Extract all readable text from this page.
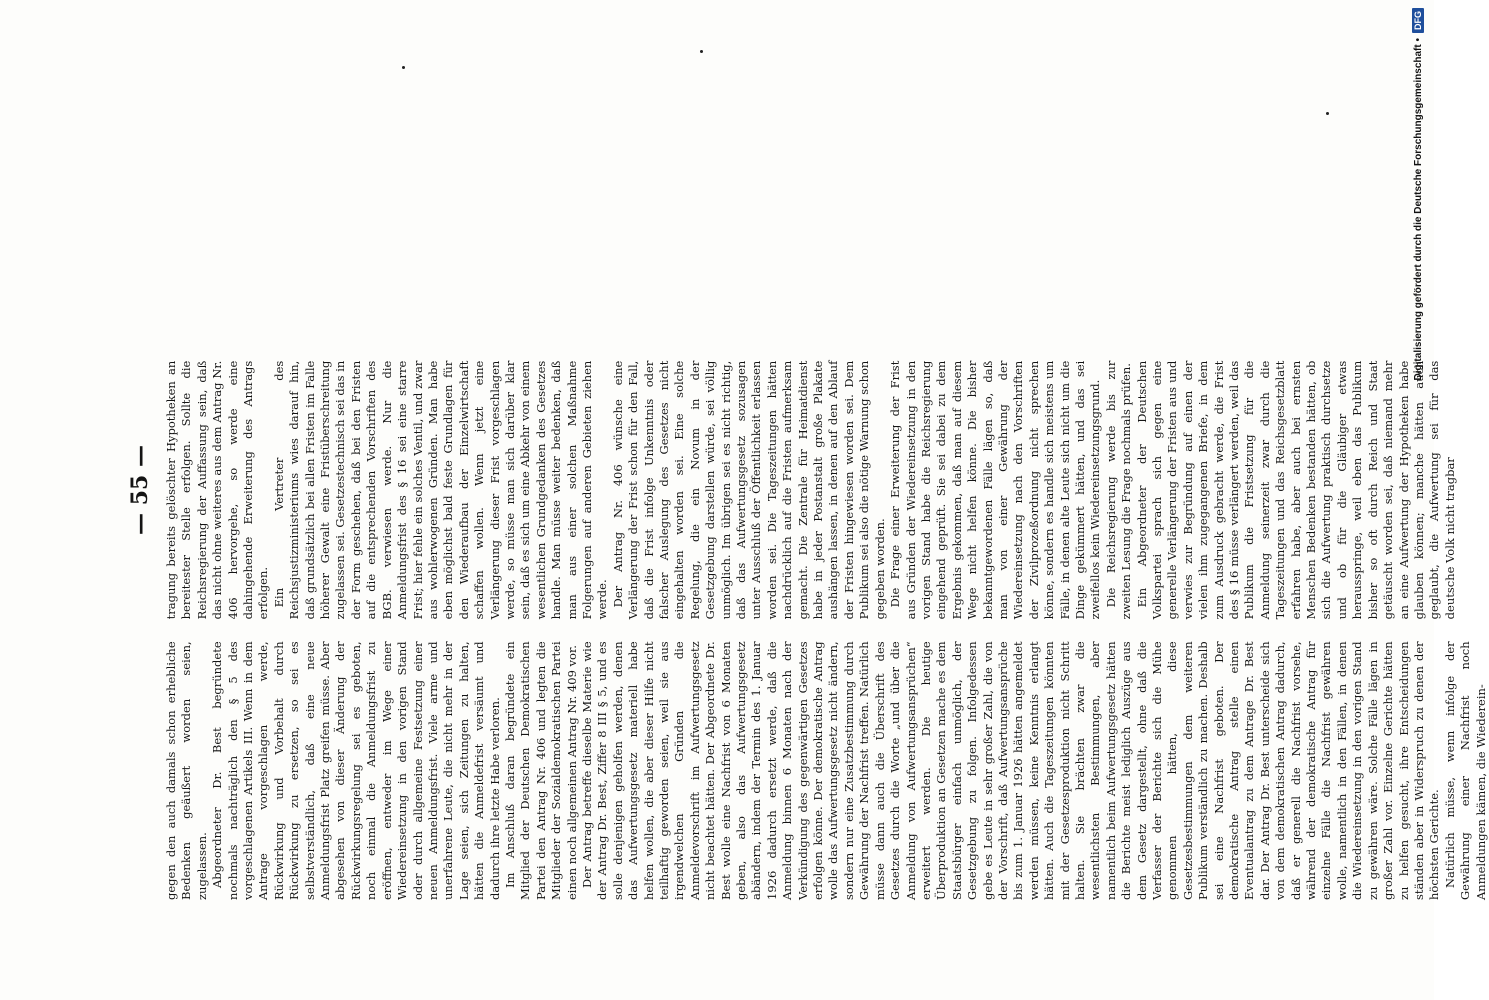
— 55 —

gegen den auch damals schon erhebliche Bedenken geäußert worden seien, zugelassen. Abgeordneter Dr. Best begründete nochmals nachträglich den § 5 des vorgeschlagenen Artikels III. Wenn in dem Antrage vorgeschlagen werde, Rückwirkung und Vorbehalt durch Rückwirkung zu ersetzen, so sei es selbstverständlich, daß eine neue Anmeldungsfrist Platz greifen müsse. Aber abgesehen von dieser Änderung der Rückwirkungsregelung sei es geboten, noch einmal die Anmeldungsfrist zu eröffnen, entweder im Wege einer Wiedereinsetzung in den vorigen Stand oder durch allgemeine Festsetzung einer neuen Anmeldungsfrist. Viele arme und unerfahrene Leute, die nicht mehr in der Lage seien, sich Zeitungen zu halten, hätten die Anmeldefrist versäumt und dadurch ihre letzte Habe verloren. Im Anschluß daran begründete ein Mitglied der Deutschen Demokratischen Partei den Antrag Nr. 406 und legten die Mitglieder der Sozialdemokratischen Partei einen noch allgemeinen Antrag Nr. 409 vor. Der Antrag betreffe dieselbe Materie wie der Antrag Dr. Best, Ziffer 8 III § 5, und es solle denjenigen geholfen werden, denen das Aufwertungsgesetz materiell habe helfen wollen, die aber dieser Hilfe nicht teilhaftig geworden seien, weil sie aus irgendwelchen Gründen die Anmeldevorschrift im Aufwertungsgesetz nicht beachtet hätten. Der Abgeordnete Dr. Best wolle eine Nachfrist von 6 Monaten geben, also das Aufwertungsgesetz abändern, indem der Termin des 1. Januar 1926 dadurch ersetzt werde, daß die Anmeldung binnen 6 Monaten nach der Verkündigung des gegenwärtigen Gesetzes erfolgen könne. Der demokratische Antrag wolle das Aufwertungsgesetz nicht ändern, sondern nur eine Zusatzbestimmung durch Gewährung der Nachfrist treffen. Natürlich müsse dann auch die Überschrift des Gesetzes durch die Worte „und über die Anmeldung von Aufwertungsansprüchen“ erweitert werden. Die heutige Überproduktion an Gesetzen mache es dem Staatsbürger einfach unmöglich, der Gesetzgebung zu folgen. Infolgedessen gebe es Leute in sehr großer Zahl, die von der Vorschrift, daß Aufwertungsansprüche bis zum 1. Januar 1926 hätten angemeldet werden müssen, keine Kenntnis erlangt hätten. Auch die Tageszeitungen könnten mit der Gesetzesproduktion nicht Schritt halten. Sie brächten zwar die wesentlichsten Bestimmungen, aber namentlich beim Aufwertungsgesetz hätten die Berichte meist lediglich Auszüge aus dem Gesetz dargestellt, ohne daß die Verfasser der Berichte sich die Mühe genommen hätten, diese Gesetzesbestimmungen dem weiteren Publikum verständlich zu machen. Deshalb sei eine Nachfrist geboten. Der demokratische Antrag stelle einen Eventualantrag zu dem Antrage Dr. Best dar. Der Antrag Dr. Best unterscheide sich von dem demokratischen Antrag dadurch, daß er generell die Nachfrist vorsehe, während der demokratische Antrag für einzelne Fälle die Nachfrist gewähren wolle, namentlich in den Fällen, in denen die Wiedereinsetzung in den vorigen Stand zu gewähren wäre. Solche Fälle lägen in großer Zahl vor. Einzelne Gerichte hätten zu helfen gesucht, ihre Entscheidungen ständen aber in Widerspruch zu denen der höchsten Gerichte. Natürlich müsse, wenn infolge der Gewährung einer Nachfrist noch Anmeldungen kämen, die Wiederein-

tragung bereits gelöschter Hypotheken an bereitester Stelle erfolgen. Sollte die Reichsregierung der Auffassung sein, daß das nicht ohne weiteres aus dem Antrag Nr. 406 hervorgehe, so werde eine dahingehende Erweiterung des Antrags erfolgen. Ein Vertreter des Reichsjustizministeriums wies darauf hin, daß grundsätzlich bei allen Fristen im Falle höherer Gewalt eine Fristüberschreitung zugelassen sei. Gesetzestechnisch sei das in der Form geschehen, daß bei den Fristen auf die entsprechenden Vorschriften des BGB. verwiesen werde. Nur die Anmeldungsfrist des § 16 sei eine starre Frist; hier fehle ein solches Ventil, und zwar aus wohlerwogenen Gründen. Man habe eben möglichst bald feste Grundlagen für den Wiederaufbau der Einzelwirtschaft schaffen wollen. Wenn jetzt eine Verlängerung dieser Frist vorgeschlagen werde, so müsse man sich darüber klar sein, daß es sich um eine Abkehr von einem wesentlichen Grundgedanken des Gesetzes handle. Man müsse weiter bedenken, daß man aus einer solchen Maßnahme Folgerungen auf anderen Gebieten ziehen werde. Der Antrag Nr. 406 wünsche eine Verlängerung der Frist schon für den Fall, daß die Frist infolge Unkenntnis oder falscher Auslegung des Gesetzes nicht eingehalten worden sei. Eine solche Regelung, die ein Novum in der Gesetzgebung darstellen würde, sei völlig unmöglich. Im übrigen sei es nicht richtig, daß das Aufwertungsgesetz sozusagen unter Ausschluß der Öffentlichkeit erlassen worden sei. Die Tageszeitungen hätten nachdrücklich auf die Fristen aufmerksam gemacht. Die Zentrale für Heimatdienst habe in jeder Postanstalt große Plakate aushängen lassen, in denen auf den Ablauf der Fristen hingewiesen worden sei. Dem Publikum sei also die nötige Warnung schon gegeben worden. Die Frage einer Erweiterung der Frist aus Gründen der Wiedereinsetzung in den vorigen Stand habe die Reichsregierung eingehend geprüft. Sie sei dabei zu dem Ergebnis gekommen, daß man auf diesem Wege nicht helfen könne. Die bisher bekanntgewordenen Fälle lägen so, daß man von einer Gewährung der Wiedereinsetzung nach den Vorschriften der Zivilprozeßordnung nicht sprechen könne, sondern es handle sich meistens um Fälle, in denen alte Leute sich nicht um die Dinge gekümmert hätten, und das sei zweifellos kein Wiedereinsetzungsgrund. Die Reichsregierung werde bis zur zweiten Lesung die Frage nochmals prüfen. Ein Abgeordneter der Deutschen Volkspartei sprach sich gegen eine generelle Verlängerung der Fristen aus und verwies zur Begründung auf einen der vielen ihm zugegangenen Briefe, in dem zum Ausdruck gebracht werde, die Frist des § 16 müsse verlängert werden, weil das Publikum die Fristsetzung für die Anmeldung seinerzeit zwar durch die Tageszeitungen und das Reichsgesetzblatt erfahren habe, aber auch bei ernsten Menschen Bedenken bestanden hätten, ob sich die Aufwertung praktisch durchsetze und ob für die Gläubiger etwas herausspringe, weil eben das Publikum bisher so oft durch Reich und Staat getäuscht worden sei, daß niemand mehr an eine Aufwertung der Hypotheken habe glauben können; manche hätten auch geglaubt, die Aufwertung sei für das deutsche Volk nicht tragbar

Digitalisierung gefördert durch die Deutsche Forschungsgemeinschaft •
DFG
